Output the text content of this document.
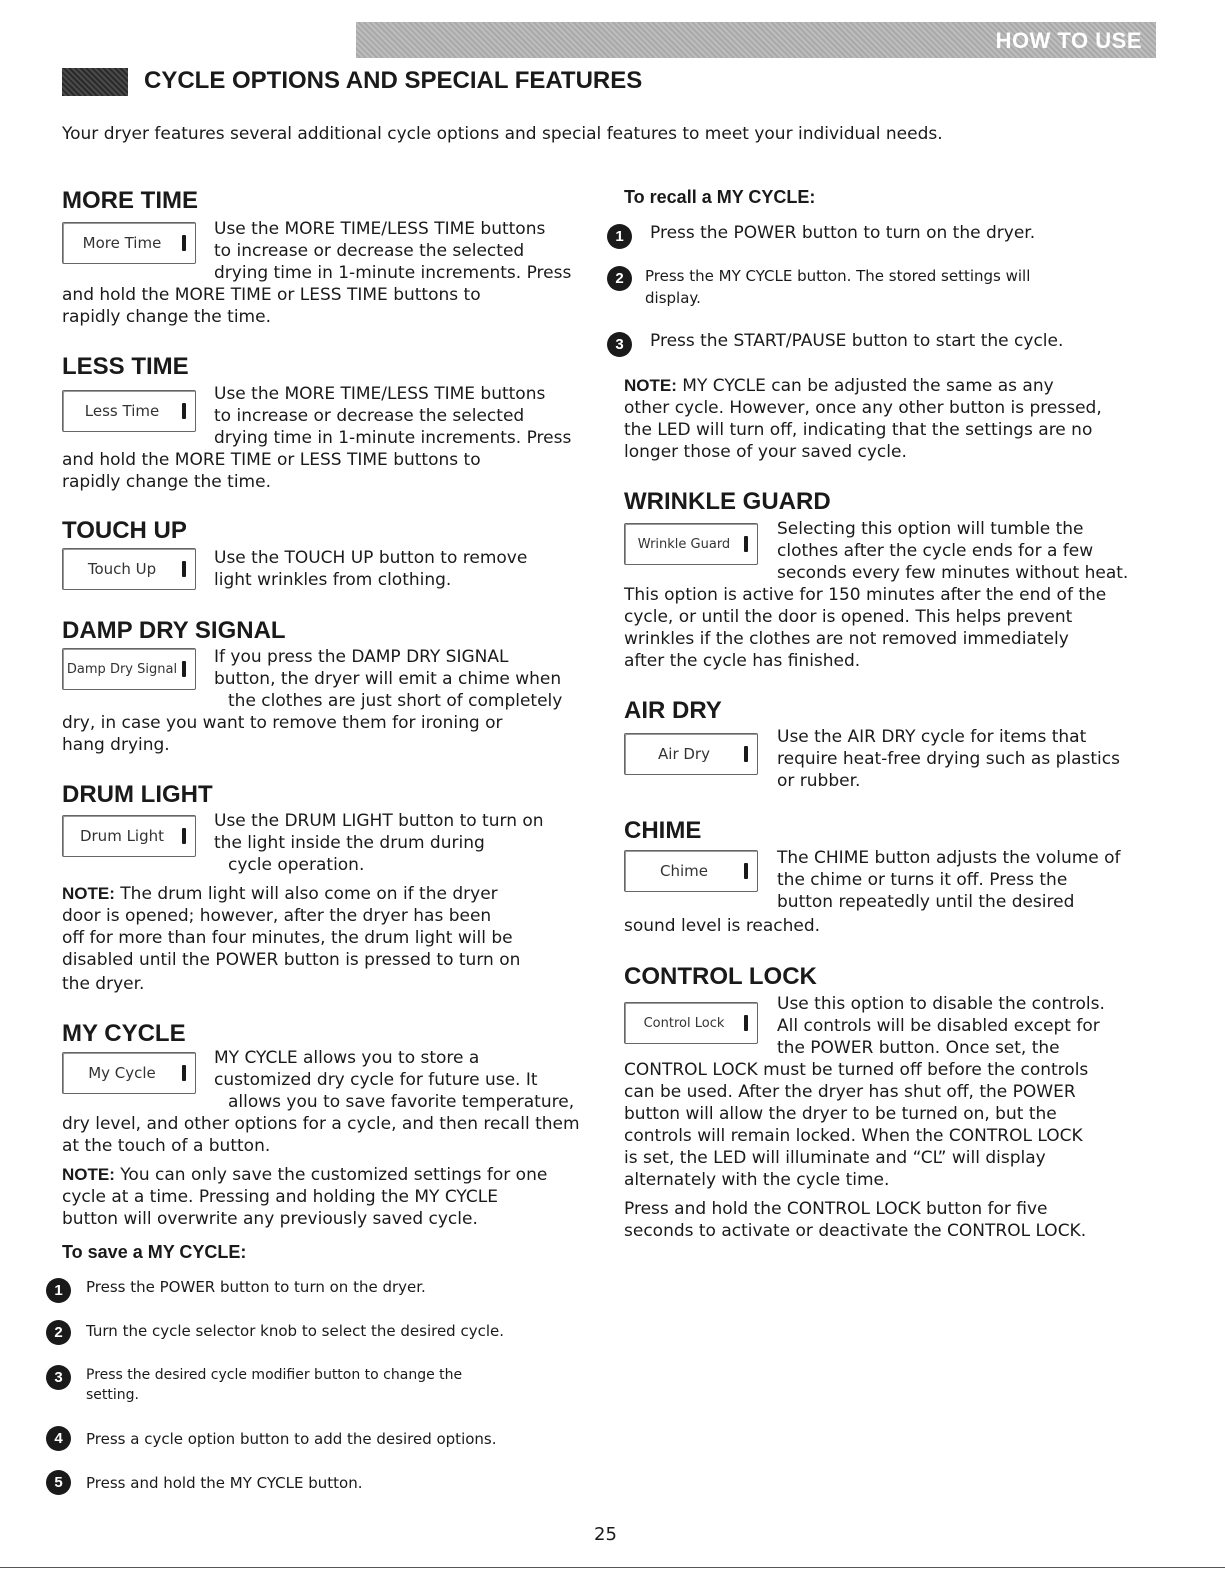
HOW TO USE
CYCLE OPTIONS AND SPECIAL FEATURES
Your dryer features several additional cycle options and special features to meet your individual needs.
MORE TIME
More Time
Use the MORE TIME/LESS TIME buttons
to increase or decrease the selected
drying time in 1-minute increments. Press
and hold the MORE TIME or LESS TIME buttons to
rapidly change the time.
LESS TIME
Less Time
Use the MORE TIME/LESS TIME buttons
to increase or decrease the selected
drying time in 1-minute increments. Press
and hold the MORE TIME or LESS TIME buttons to
rapidly change the time.
TOUCH UP
Touch Up
Use the TOUCH UP button to remove
light wrinkles from clothing.
DAMP DRY SIGNAL
Damp Dry Signal
If you press the DAMP DRY SIGNAL
button, the dryer will emit a chime when
the clothes are just short of completely
dry, in case you want to remove them for ironing or
hang drying.
DRUM LIGHT
Drum Light
Use the DRUM LIGHT button to turn on
the light inside the drum during
cycle operation.
NOTE: The drum light will also come on if the dryer
door is opened; however, after the dryer has been
off for more than four minutes, the drum light will be
disabled until the POWER button is pressed to turn on
the dryer.
MY CYCLE
My Cycle
MY CYCLE allows you to store a
customized dry cycle for future use. It
allows you to save favorite temperature,
dry level, and other options for a cycle, and then recall them
at the touch of a button.
NOTE: You can only save the customized settings for one
cycle at a time. Pressing and holding the MY CYCLE
button will overwrite any previously saved cycle.
To save a MY CYCLE:
1	Press the POWER button to turn on the dryer.
2	Turn the cycle selector knob to select the desired cycle.
3	Press the desired cycle modifier button to change the
setting.
4	Press a cycle option button to add the desired options.
5	Press and hold the MY CYCLE button.
To recall a MY CYCLE:
1	Press the POWER button to turn on the dryer.
2	Press the MY CYCLE button. The stored settings will
display.
3	Press the START/PAUSE button to start the cycle.
NOTE: MY CYCLE can be adjusted the same as any
other cycle. However, once any other button is pressed,
the LED will turn off, indicating that the settings are no
longer those of your saved cycle.
WRINKLE GUARD
Wrinkle Guard
Selecting this option will tumble the
clothes after the cycle ends for a few
seconds every few minutes without heat.
This option is active for 150 minutes after the end of the
cycle, or until the door is opened. This helps prevent
wrinkles if the clothes are not removed immediately
after the cycle has finished.
AIR DRY
Air Dry
Use the AIR DRY cycle for items that
require heat-free drying such as plastics
or rubber.
CHIME
Chime
The CHIME button adjusts the volume of
the chime or turns it off. Press the
button repeatedly until the desired
sound level is reached.
CONTROL LOCK
Control Lock
Use this option to disable the controls.
All controls will be disabled except for
the POWER button. Once set, the
CONTROL LOCK must be turned off before the controls
can be used. After the dryer has shut off, the POWER
button will allow the dryer to be turned on, but the
controls will remain locked. When the CONTROL LOCK
is set, the LED will illuminate and “CL” will display
alternately with the cycle time.
Press and hold the CONTROL LOCK button for five
seconds to activate or deactivate the CONTROL LOCK.
25
